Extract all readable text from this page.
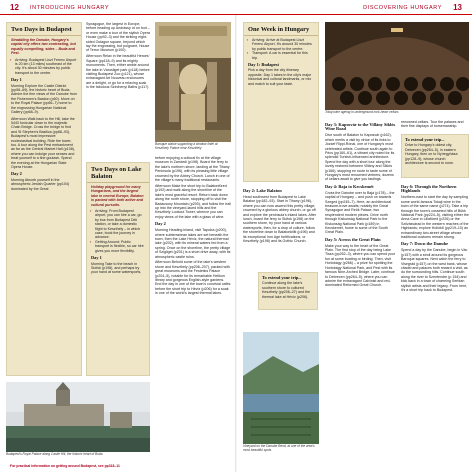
12 INTRODUCING HUNGARY	DISCOVERING HUNGARY 13
Two Days in Budapest

Straddling the Danube, Hungary's capital city offers two contrasting, but equally compelling, sides – Buda and Pest.

▪ Arriving: Budapest Liszt Ferenc Airport is 20 km (13 miles) southeast of the city. It's about 30 minutes by public transport to the centre.

Day 1

Morning Explore the Castle District (pp56–69), the historic heart of Buda. Admire the fine views of the Danube from the Fishermen's Bastion (p60). Move on to the Royal Palace (pp66–7) home to the engrossing Hungarian National Gallery (pp68–9).

Afternoon Walk back to the Hill, take the 5440 funicular down to the majestic Chain Bridge. Cross the bridge to find and St Stephen's Basilica (pp88–93), Budapest's most impressive ecclesiastical building. Ride the tower, too. A tour along the Pest embankment as far as the Central Market Hall (p108), where you can indulge your senses and treat yourself to a fine goulash. Spend the evening at the Hungarian State Opera House.

Day 2

Morning Absorb yourself in the atmospheric Jewish Quarter (pp104) dominated by the Great

Synagogue, the largest in Europe, before heading up Andrássy út on foot – or even make a tour of the stylish Opera House (pp92–3) and the striking eight-sided Octagon square, beyond which lay the engrossing, but poignant, House of Terror Museum (p100).

Afternoon Relax in the beautiful Heroes' Square (pp118–9) and its mighty monuments. Then, either amble around the lake in Városliget park (p118) before visiting Budapest Zoo (p121), whose extravagant Art Nouveau enclosures are a delight, or go for a relaxing soak in the fabulous Széchenyi Baths (p117).

Two Days on Lake Balaton

Holiday playground for many Hungarians, and the largest lake in central Europe, Balaton is packed with both active and cultural pursuits.

▪ Arriving: From Budapest airport, you can hire a car, go by bus from Budapest Déli station, or take a domestic flight to Keszthely – in which case, book the journey in advance.
▪ Getting Around: Public transport is flexible, so car hire gives you more flexibility.

Day 1

Morning Take to the beach in Siófok (p198), and perhaps try your hand at some watersports,

Baroque statue supporting a window lintel at Keszthely Palace near Keszthely

before enjoying a cultural fix at the village museum in Zamárdi (p198). Board the ferry to the lake's northern shore, landing at the Tihany Peninsula (p196), with its pleasing little village crowned by the Abbey Church. Lunch in one of the village's many traditional restaurants.

Afternoon Make the short trip to Balatonfüred (p192) and walk along the shoreline of the lake's most graceful resort. Return back down along the north shore, stopping off to visit the Badacsony Mountain (p200), and follow the trail up into the vineyard-laced hills and the Keszthely Lookout Tower, whence you can enjoy views of the lake with a glass of wine.

Day 2

Morning Heading inland, visit Tapolca (p200), where subterranean lakes are set beneath the town, then the Lake Hévíz, the natural thermal lake (p202), with its mineral waters fed from a spring. Once on the shoreline, the pretty village of Szigliget (p201) is a short drive away, with its atmospheric castle ruins.

Afternoon Behold some of the lake's western shore and Keszthely (pp206–207), packed with great museums and the Festetics Palace (p204–5), notable for its remarkable Helikon library and gorgeous English-style gardens. End the day in one of the town's convivial cafés before the short trip to Hévíz (p206) for a soak in one of the world's largest thermal lakes.

Budapest's Royal Palace along Castle Hill, the historic heart of Buda

For practical information on getting around Budapest, see pp318–11

One Week in Hungary
▪ Arriving: Arrive at Budapest Liszt Ferenc Airport. It's around 30 minutes by public transport to the centre.
▪ Transport: A car is essential for this trip.

Day 1: Budapest

Pick a day from the city itinerary opposite. Day 1 takes in the city's major historical and cultural landmarks, or mix and match to suit your taste.

Day 2: Lake Balaton

Head southwest from Budapest to Lake Balaton (pp182–93). Start in Tihany (p196), where you can now ascend this pretty village, crowned by a glorious abbey church, or go off and explore the peninsula's inland lakes. After lunch, board the ferry to Siófok (p198) on the southern shore, try your hand at various watersports, then, for a drop of culture, follow the shoreline down to Balatonkiliti (p196) and its exceptional Iron Age fortifications, or Keszthely (p198) and its Gothic Church.

To extend your trip...

Continue along the lake's southern shore to cultured Keszthely (pp206–27) and the thermal lake at Hévíz (p206).

Vineyard on the Danube Bend, at one of the area's most beautiful spots

Tokaj wine ageing in underground rock-hewn cellars

Day 3: Kaposvár to the Villány Siklós Wine Road

Dive south of Balaton to Kaposvár (p162), which merits a visit by virtue of its links to József Rippl-Rónai, one of Hungary's most celebrated artists. Continue south again to Pécs (pp160–61), a vibrant city noted for its splendid Turkish-influenced architecture. Spend the day with a short tour along the lovely restored between Villány and Siklós (p166), stopping en route to taste some of Hungary's most renowned vintners, dozens of cellars await to give you tastings.

Day 4: Baja to Kecskemét

Cross the Danube over to Baja (p178) – the capital of Hungary – and push on towards Szeged (pp245–7). Here, an architectural treasure-trove awaits; notably the Great Synagogue and Reök Palace, two resplendent modern pieces. Drive north through Kiskunság National Park to the Kiskunság National Park (p189) in Kecskemét, home to some of the South Great Plain.

Day 5: Across the Great Plain

Make your way to the heart of the Great Plain. The first stop of the day being Lake Tisza (pp252–3), where you can spend your fun at some boating or birding. Then, visit Hortobágy (p266) – a prize for spotting the Hortobágy National Park, and Pest with its famous Nine-Arched Bridge. Later, continue to Debrecen (pp264–5), where you can admire the extravagant Calvinist and red-dominated Reformed Great Church.

renowned cellars. Tour the palaces and their fine displays of horsemanship.

To extend your trip...

Drive to Hungary's oldest city, Debrecen (pp254–5), in eastern Hungary, then on to Nyíregyháza (pp128–9), whose church architecture is second to none.

Day 6: Through the Northern Highlands

Northern-east to start the day by sampling some world-famous Tokaji wine in the town of the same name (p274). Take a trip through the town's cosseted hills of Bükk National Park (pp224–5), visiting either the Anna Cave in Lillafüred (p226) or the Szilvásvárad in the western reaches of the Highlands; explore Hollókő (pp219–10) an extraordinary two-street village whose traditional customs remain strong.

Day 7: Down the Danube

Spend a day by the Danube, begin in Vác (p157) with a stroll around its gorgeous Baroque squares. Next catch the ferry to Visegrád (p157) on the west bank, whose citadel and palaces both reward a visit, as do the surrounding hills. Continue south along the river to Szentendre (p 154) and kick back in a town of charming Serbian stylish artists and their legacy. From here, it's a short trip back to Budapest.
